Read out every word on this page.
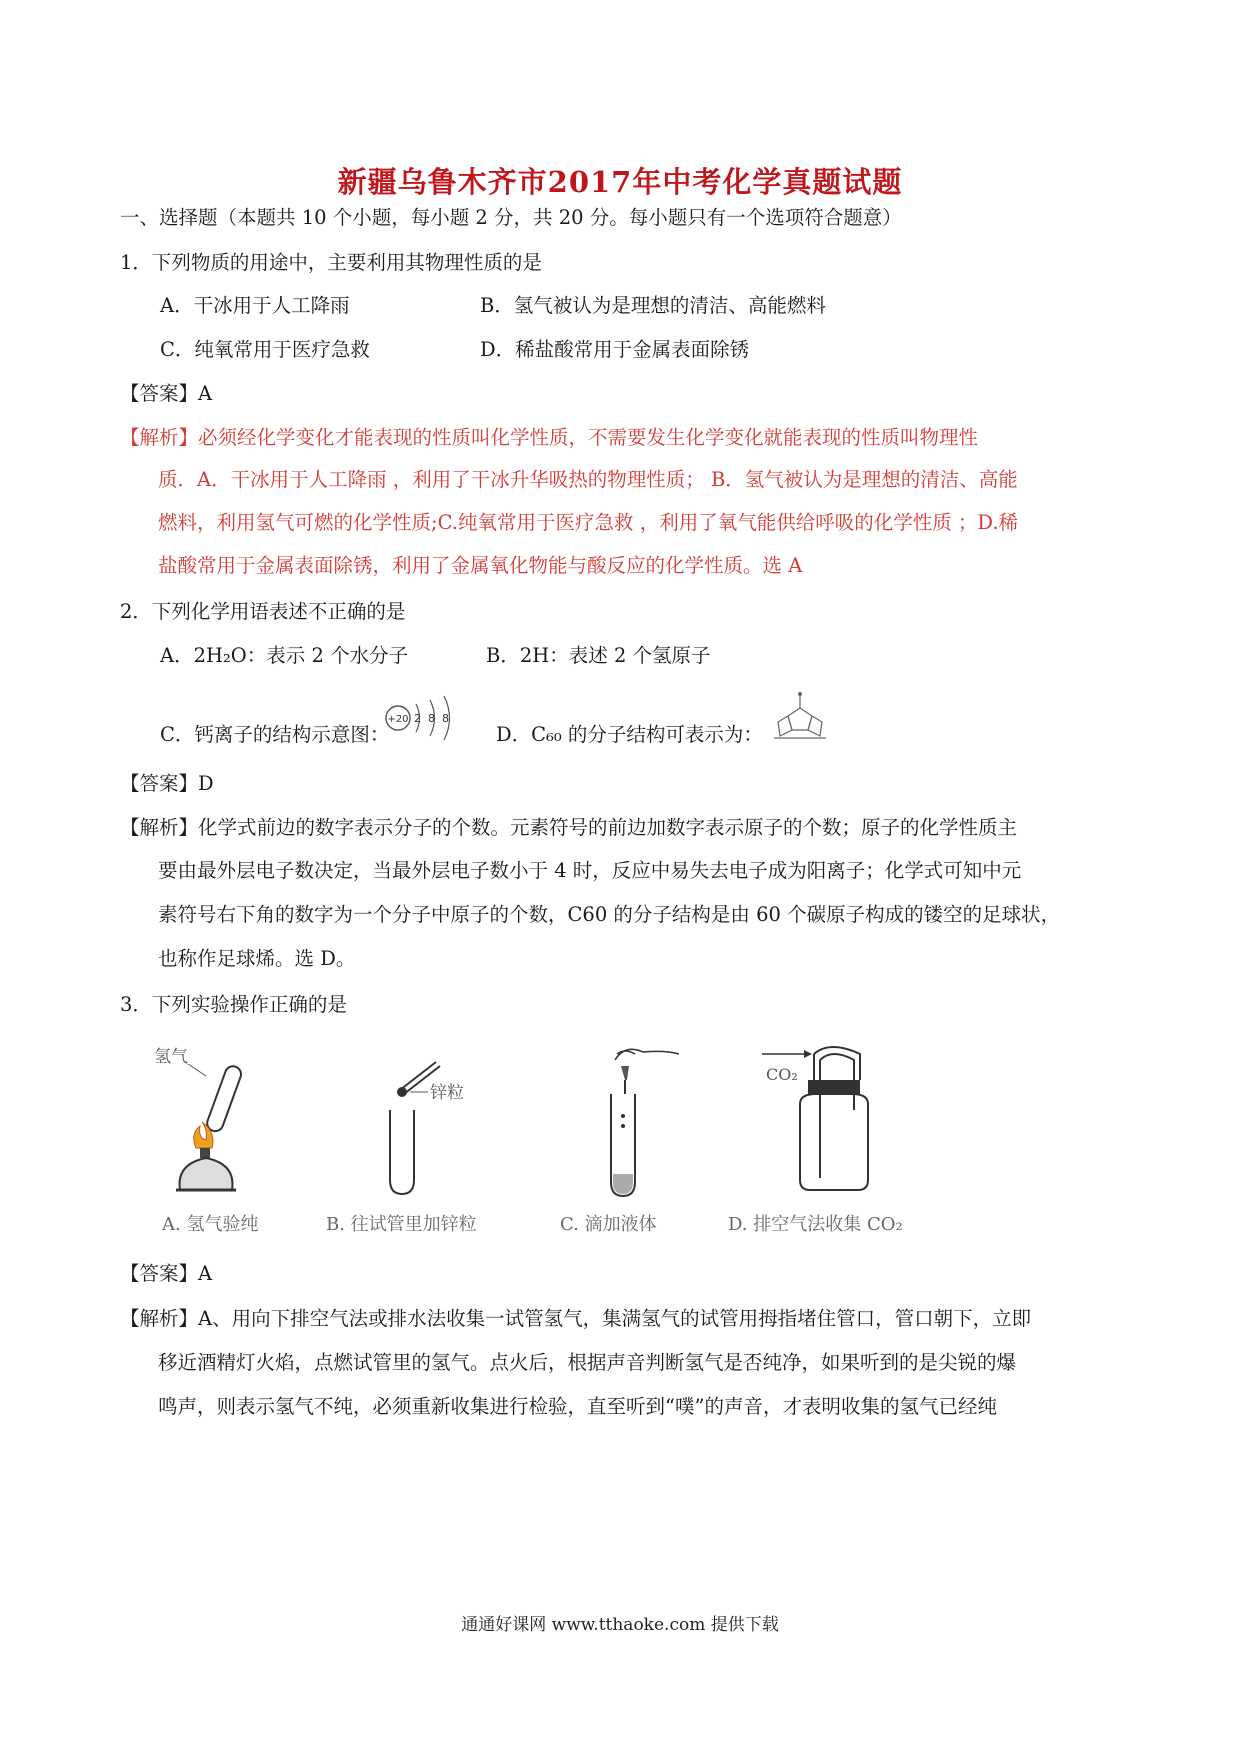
新疆乌鲁木齐市2017年中考化学真题试题
一、选择题（本题共 10 个小题，每小题 2 分，共 20 分。每小题只有一个选项符合题意）
1．下列物质的用途中，主要利用其物理性质的是
A．干冰用于人工降雨	B．氢气被认为是理想的清洁、高能燃料
C．纯氧常用于医疗急救	D．稀盐酸常用于金属表面除锈
【答案】A
【解析】 必须经化学变化才能表现的性质叫化学性质，不需要发生化学变化就能表现的性质叫物理性
质．A．干冰用于人工降雨 ，利用了干冰升华吸热的物理性质； B．氢气被认为是理想的清洁、高能
燃料，利用氢气可燃的化学性质;C.纯氧常用于医疗急救 ，利用了氧气能供给呼吸的化学性质 ；D.稀
盐酸常用于金属表面除锈，利用了金属氧化物能与酸反应的化学性质。选 A
2．下列化学用语表述不正确的是
A．2H₂O：表示 2 个水分子	B．2H：表述 2 个氢原子
C．钙离子的结构示意图：
+20 2 8 8
D．C₆₀ 的分子结构可表示为：
【答案】D
【解析】 化学式前边的数字表示分子的个数。元素符号的前边加数字表示原子的个数；原子的化学性质主
要由最外层电子数决定，当最外层电子数小于 4 时，反应中易失去电子成为阳离子；化学式可知中元
素符号右下角的数字为一个分子中原子的个数，C60 的分子结构是由 60 个碳原子构成的镂空的足球状，
也称作足球烯。选 D。
3．下列实验操作正确的是
氢气
A. 氢气验纯
锌粒
B. 往试管里加锌粒	C. 滴加液体
CO₂
D. 排空气法收集 CO₂
【答案】A
【解析】 A、用向下排空气法或排水法收集一试管氢气，集满氢气的试管用拇指堵住管口，管口朝下，立即
移近酒精灯火焰，点燃试管里的氢气。点火后，根据声音判断氢气是否纯净，如果听到的是尖锐的爆
鸣声，则表示氢气不纯，必须重新收集进行检验，直至听到“噗”的声音，才表明收集的氢气已经纯
通通好课网 www.tthaoke.com 提供下载
